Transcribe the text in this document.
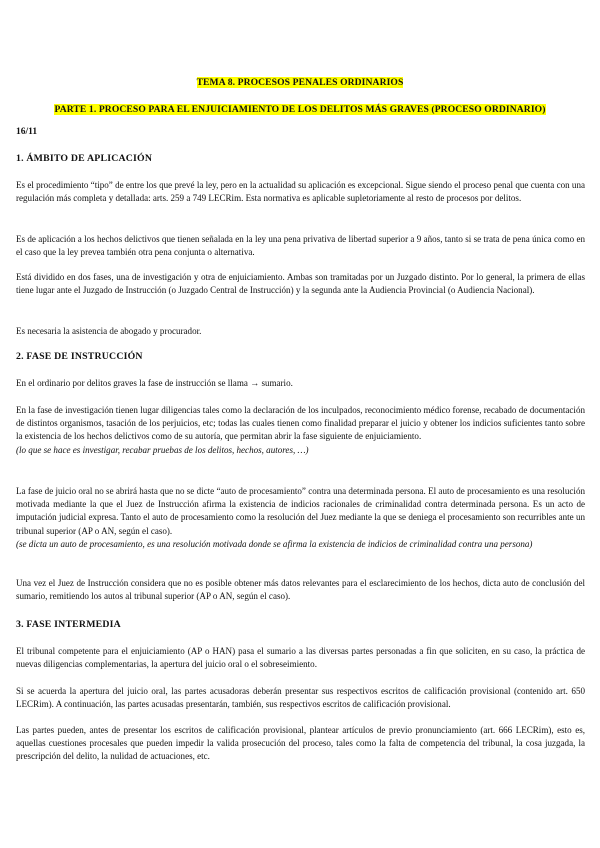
TEMA 8. PROCESOS PENALES ORDINARIOS
PARTE 1. PROCESO PARA EL ENJUICIAMIENTO DE LOS DELITOS MÁS GRAVES (PROCESO ORDINARIO)
16/11
1. ÁMBITO DE APLICACIÓN

Es el procedimiento “tipo” de entre los que prevé la ley, pero en la actualidad su aplicación es excepcional. Sigue siendo el proceso penal que cuenta con una regulación más completa y detallada: arts. 259 a 749 LECRim. Esta normativa es aplicable supletoriamente al resto de procesos por delitos.

Es de aplicación a los hechos delictivos que tienen señalada en la ley una pena privativa de libertad superior a 9 años, tanto si se trata de pena única como en el caso que la ley prevea también otra pena conjunta o alternativa.

Está dividido en dos fases, una de investigación y otra de enjuiciamiento. Ambas son tramitadas por un Juzgado distinto. Por lo general, la primera de ellas tiene lugar ante el Juzgado de Instrucción (o Juzgado Central de Instrucción) y la segunda ante la Audiencia Provincial (o Audiencia Nacional).

Es necesaria la asistencia de abogado y procurador.

2. FASE DE INSTRUCCIÓN

En el ordinario por delitos graves la fase de instrucción se llama → sumario.

En la fase de investigación tienen lugar diligencias tales como la declaración de los inculpados, reconocimiento médico forense, recabado de documentación de distintos organismos, tasación de los perjuicios, etc; todas las cuales tienen como finalidad preparar el juicio y obtener los indicios suficientes tanto sobre la existencia de los hechos delictivos como de su autoría, que permitan abrir la fase siguiente de enjuiciamiento.
(lo que se hace es investigar, recabar pruebas de los delitos, hechos, autores, …)
La fase de juicio oral no se abrirá hasta que no se dicte “auto de procesamiento” contra una determinada persona. El auto de procesamiento es una resolución motivada mediante la que el Juez de Instrucción afirma la existencia de indicios racionales de criminalidad contra determinada persona. Es un acto de imputación judicial expresa. Tanto el auto de procesamiento como la resolución del Juez mediante la que se deniega el procesamiento son recurribles ante un tribunal superior (AP o AN, según el caso).
(se dicta un auto de procesamiento, es una resolución motivada donde se afirma la existencia de indicios de criminalidad contra una persona)

Una vez el Juez de Instrucción considera que no es posible obtener más datos relevantes para el esclarecimiento de los hechos, dicta auto de conclusión del sumario, remitiendo los autos al tribunal superior (AP o AN, según el caso).

3. FASE INTERMEDIA

El tribunal competente para el enjuiciamiento (AP o HAN) pasa el sumario a las diversas partes personadas a fin que soliciten, en su caso, la práctica de nuevas diligencias complementarias, la apertura del juicio oral o el sobreseimiento.

Si se acuerda la apertura del juicio oral, las partes acusadoras deberán presentar sus respectivos escritos de calificación provisional (contenido art. 650 LECRim). A continuación, las partes acusadas presentarán, también, sus respectivos escritos de calificación provisional.

Las partes pueden, antes de presentar los escritos de calificación provisional, plantear artículos de previo pronunciamiento (art. 666 LECRim), esto es, aquellas cuestiones procesales que pueden impedir la valida prosecución del proceso, tales como la falta de competencia del tribunal, la cosa juzgada, la prescripción del delito, la nulidad de actuaciones, etc.
